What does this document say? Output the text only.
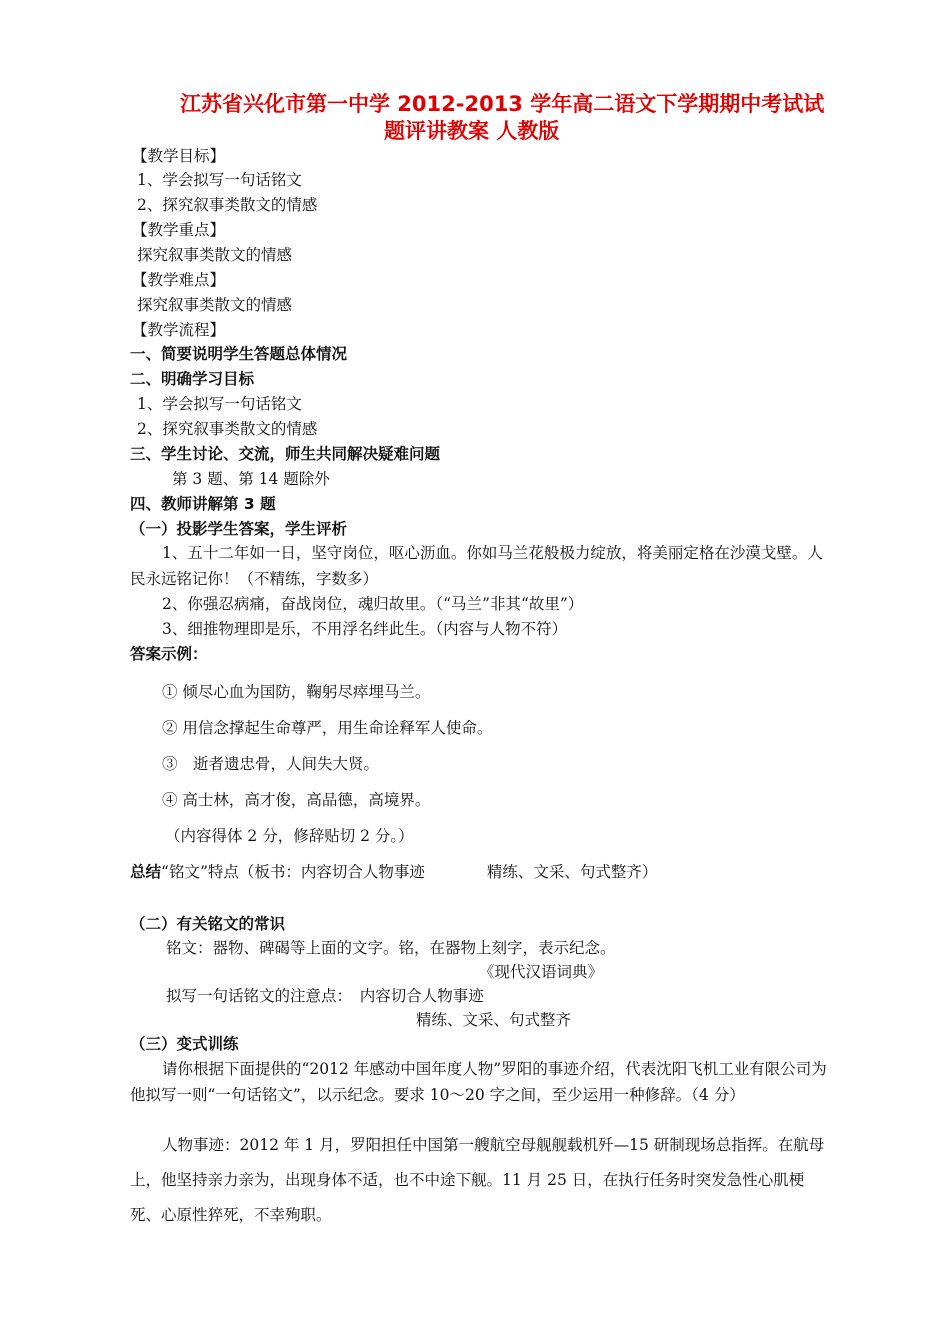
江苏省兴化市第一中学 2012-2013 学年高二语文下学期期中考试试
题评讲教案 人教版
【教学目标】
1、学会拟写一句话铭文
2、探究叙事类散文的情感
【教学重点】
探究叙事类散文的情感
【教学难点】
探究叙事类散文的情感
【教学流程】
一、简要说明学生答题总体情况
二、明确学习目标
1、学会拟写一句话铭文
2、探究叙事类散文的情感
三、学生讨论、交流，师生共同解决疑难问题
第 3 题、第 14 题除外
四、教师讲解第 3 题
（一）投影学生答案，学生评析
1、五十二年如一日，坚守岗位，呕心沥血。你如马兰花般极力绽放，将美丽定格在沙漠戈壁。人民永远铭记你！（不精练，字数多）
2、你强忍病痛，奋战岗位，魂归故里。（“马兰”非其“故里”）
3、细推物理即是乐，不用浮名绊此生。（内容与人物不符）
答案示例：
① 倾尽心血为国防，鞠躬尽瘁埋马兰。
② 用信念撑起生命尊严，用生命诠释军人使命。
③　逝者遗忠骨，人间失大贤。
④ 高士林，高才俊，高品德，高境界。
（内容得体 2 分，修辞贴切 2 分。）
总结“铭文”特点（板书：内容切合人物事迹　　　　精练、文采、句式整齐）
（二）有关铭文的常识
铭文：器物、碑碣等上面的文字。铭，在器物上刻字，表示纪念。
《现代汉语词典》
拟写一句话铭文的注意点：　内容切合人物事迹
精练、文采、句式整齐
（三）变式训练
请你根据下面提供的“2012 年感动中国年度人物”罗阳的事迹介绍，代表沈阳飞机工业有限公司为他拟写一则“一句话铭文”，以示纪念。要求 10～20 字之间，至少运用一种修辞。（4 分）
人物事迹：2012 年 1 月，罗阳担任中国第一艘航空母舰舰载机歼—15 研制现场总指挥。在航母上，他坚持亲力亲为，出现身体不适，也不中途下舰。11 月 25 日，在执行任务时突发急性心肌梗死、心原性猝死，不幸殉职。
